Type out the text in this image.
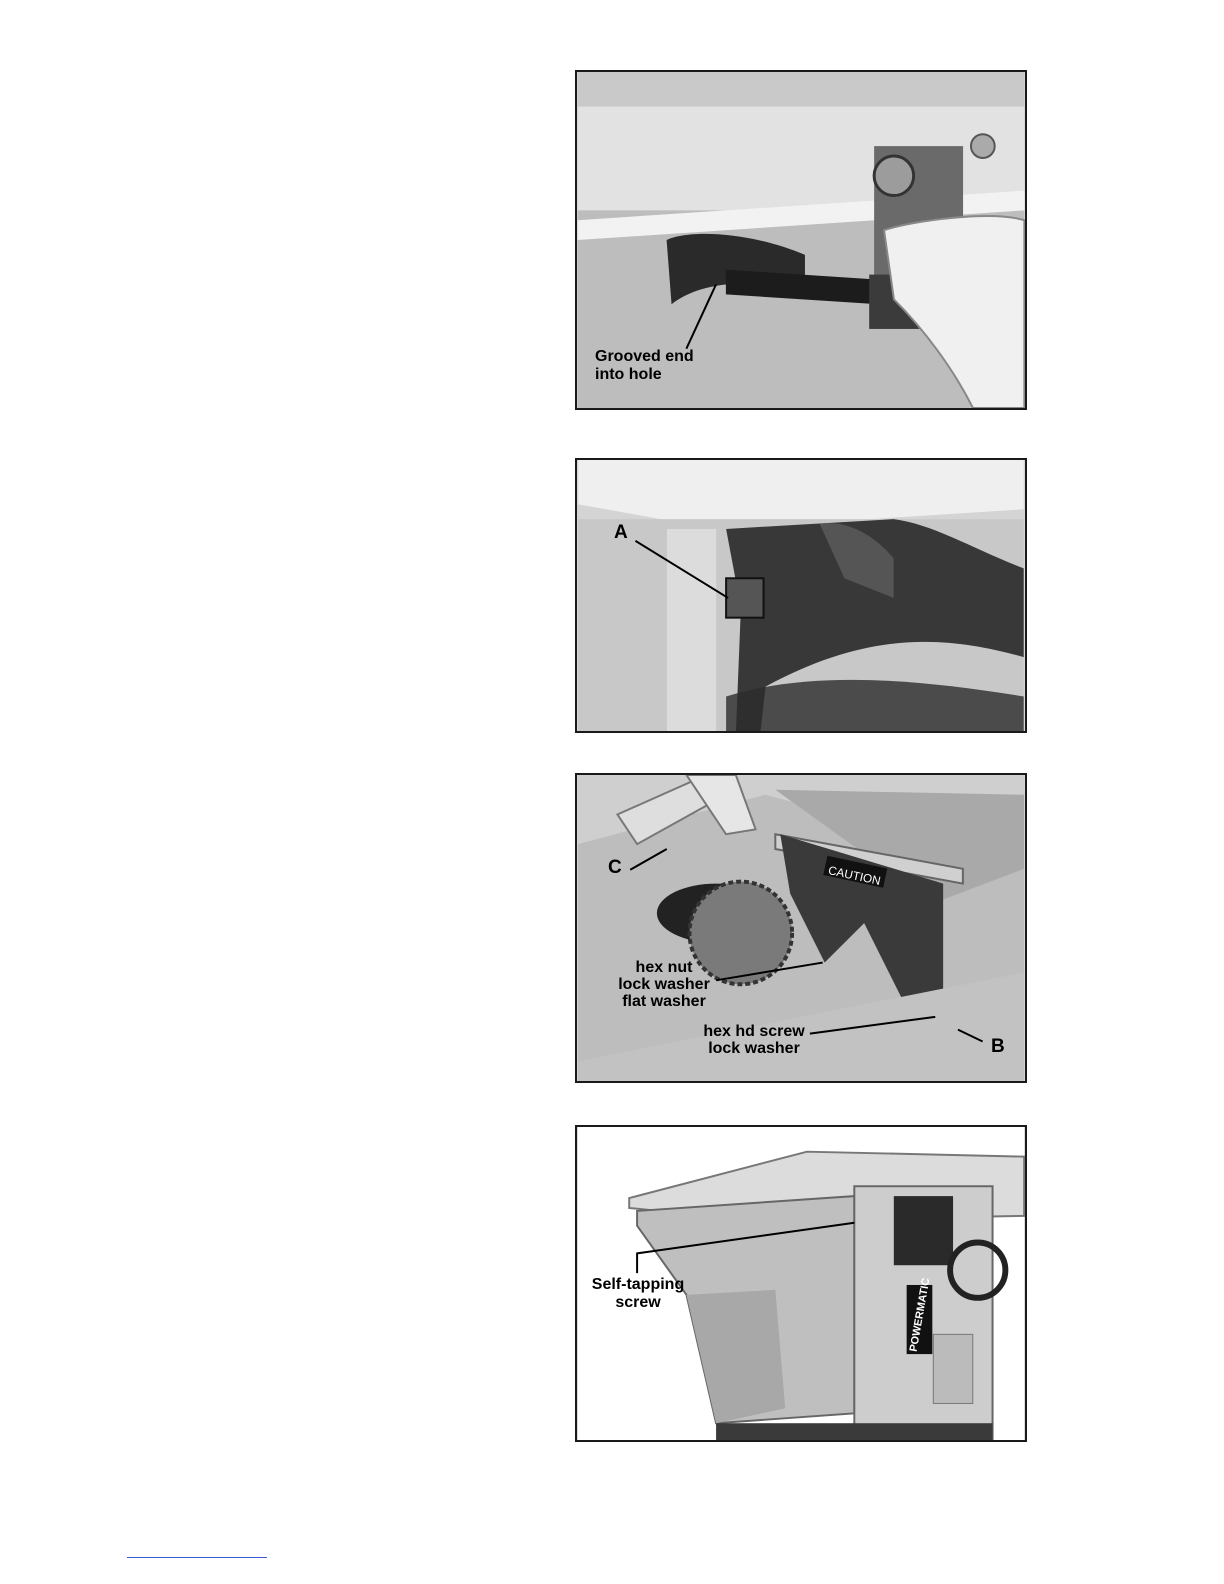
Grooved end
into hole
A
CAUTION
C
hex nut
lock washer
flat washer
hex hd screw
lock washer	B
POWERMATIC
Self-tapping
screw
